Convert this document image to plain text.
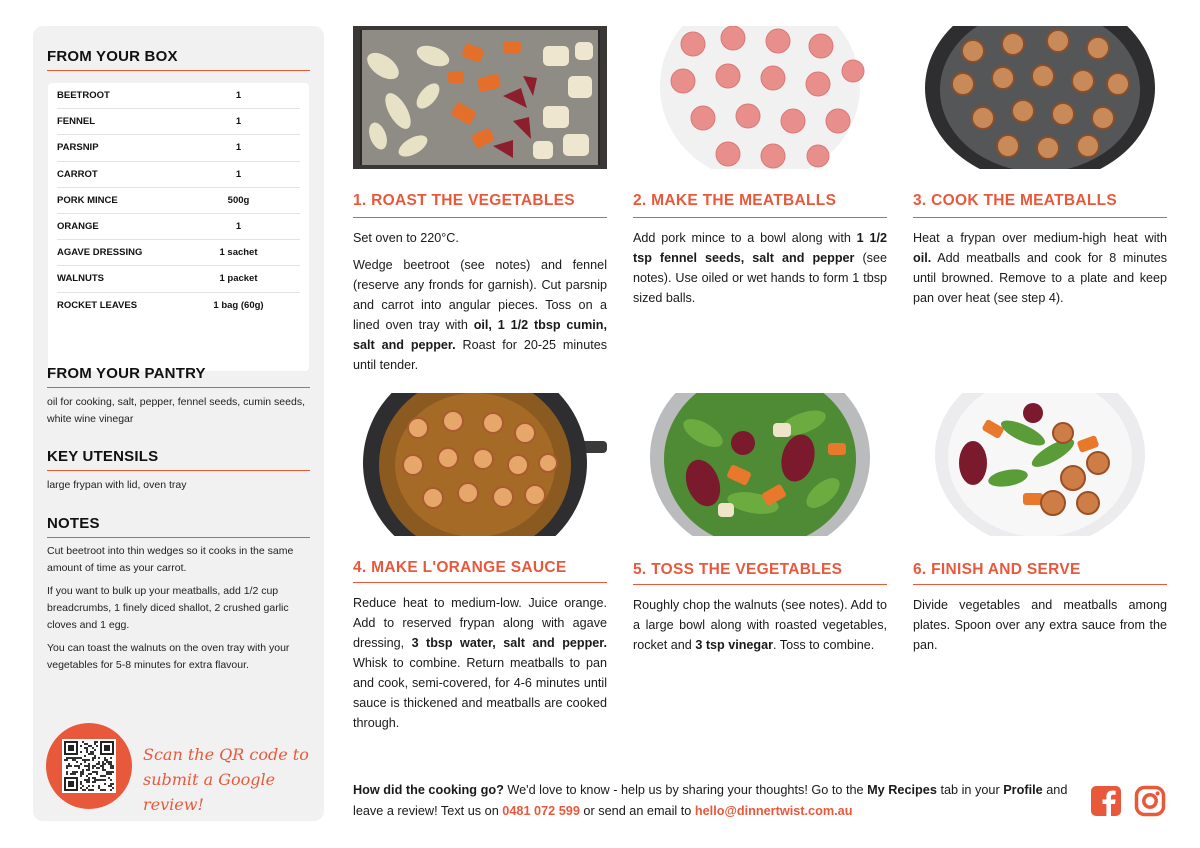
FROM YOUR BOX
BEETROOT	1
FENNEL	1
PARSNIP	1
CARROT	1
PORK MINCE	500g
ORANGE	1
AGAVE DRESSING	1 sachet
WALNUTS	1 packet
ROCKET LEAVES	1 bag (60g)
FROM YOUR PANTRY
oil for cooking, salt, pepper, fennel seeds, cumin seeds, white wine vinegar
KEY UTENSILS
large frypan with lid, oven tray
NOTES

Cut beetroot into thin wedges so it cooks in the same amount of time as your carrot.

If you want to bulk up your meatballs, add 1/2 cup breadcrumbs, 1 finely diced shallot, 2 crushed garlic cloves and 1 egg.

You can toast the walnuts on the oven tray with your vegetables for 5-8 minutes for extra flavour.

Scan the QR code to
submit a Google review!
1. ROAST THE VEGETABLES

Set oven to 220°C.

Wedge beetroot (see notes) and fennel (reserve any fronds for garnish). Cut parsnip and carrot into angular pieces. Toss on a lined oven tray with oil, 1 1/2 tbsp cumin, salt and pepper. Roast for 20-25 minutes until tender.

2. MAKE THE MEATBALLS

Add pork mince to a bowl along with 1 1/2 tsp fennel seeds, salt and pepper (see notes). Use oiled or wet hands to form 1 tbsp sized balls.

3. COOK THE MEATBALLS

Heat a frypan over medium-high heat with oil. Add meatballs and cook for 8 minutes until browned. Remove to a plate and keep pan over heat (see step 4).

4. MAKE L'ORANGE SAUCE

Reduce heat to medium-low. Juice orange. Add to reserved frypan along with agave dressing, 3 tbsp water, salt and pepper. Whisk to combine. Return meatballs to pan and cook, semi-covered, for 4-6 minutes until sauce is thickened and meatballs are cooked through.

5. TOSS THE VEGETABLES

Roughly chop the walnuts (see notes). Add to a large bowl along with roasted vegetables, rocket and 3 tsp vinegar. Toss to combine.

6. FINISH AND SERVE

Divide vegetables and meatballs among plates. Spoon over any extra sauce from the pan.

How did the cooking go? We'd love to know - help us by sharing your thoughts! Go to the My Recipes tab in your Profile and leave a review! Text us on 0481 072 599 or send an email to hello@dinnertwist.com.au
